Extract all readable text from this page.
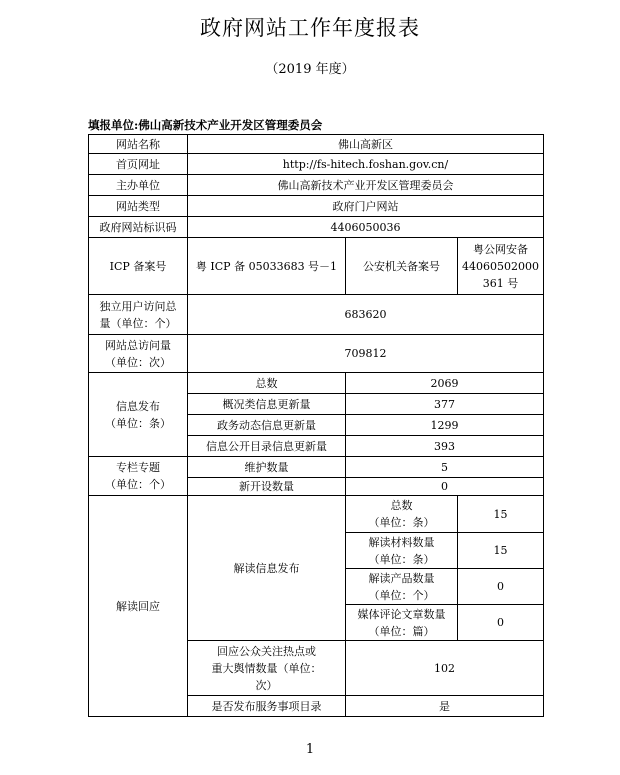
政府网站工作年度报表
（2019 年度）
填报单位:佛山高新技术产业开发区管理委员会
网站名称	佛山高新区		
首页网址	http://fs-hitech.foshan.gov.cn/		
主办单位	佛山高新技术产业开发区管理委员会		
网站类型	政府门户网站		
政府网站标识码	4406050036		
ICP 备案号	粤 ICP 备 05033683 号－1	公安机关备案号	粤公网安备
44060502000
361 号

独立用户访问总
量（单位：个）	683620		

网站总访问量
（单位：次）	709812		

信息发布
（单位：条）	总数	2069	
	概况类信息更新量	377	
	政务动态信息更新量	1299	
	信息公开目录信息更新量	393	

专栏专题
（单位：个）	维护数量	5	
	新开设数量	0	
解读回应	解读信息发布	总数
（单位：条）	15

		解读材料数量
（单位：条）	15

		解读产品数量
（单位：个）	0

		媒体评论文章数量
（单位：篇）	0

	回应公众关注热点或
重大舆情数量（单位：
次）	102	
	是否发布服务事项目录	是	
1
